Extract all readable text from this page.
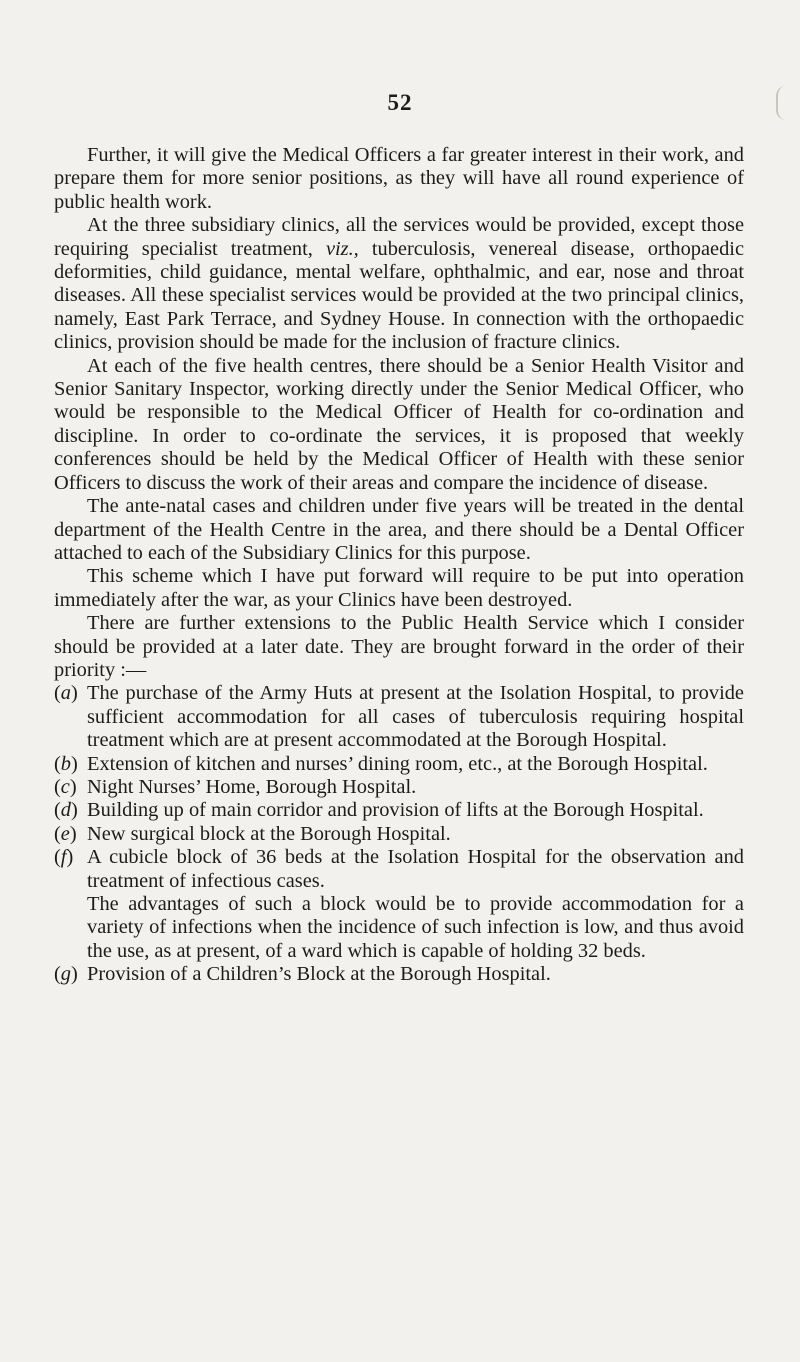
52

Further, it will give the Medical Officers a far greater interest in their work, and prepare them for more senior positions, as they will have all round experience of public health work.

At the three subsidiary clinics, all the services would be provided, except those requiring specialist treatment, viz., tuberculosis, venereal disease, orthopaedic deformities, child guidance, mental welfare, ophthalmic, and ear, nose and throat diseases. All these specialist services would be provided at the two principal clinics, namely, East Park Terrace, and Sydney House. In connection with the orthopaedic clinics, provision should be made for the inclusion of fracture clinics.

At each of the five health centres, there should be a Senior Health Visitor and Senior Sanitary Inspector, working directly under the Senior Medical Officer, who would be responsible to the Medical Officer of Health for co-ordination and discipline. In order to co-ordinate the services, it is proposed that weekly conferences should be held by the Medical Officer of Health with these senior Officers to discuss the work of their areas and compare the incidence of disease.

The ante-natal cases and children under five years will be treated in the dental department of the Health Centre in the area, and there should be a Dental Officer attached to each of the Subsidiary Clinics for this purpose.

This scheme which I have put forward will require to be put into operation immediately after the war, as your Clinics have been destroyed.

There are further extensions to the Public Health Service which I consider should be provided at a later date. They are brought forward in the order of their priority :—

(a) The purchase of the Army Huts at present at the Isolation Hospital, to provide sufficient accommodation for all cases of tuberculosis requiring hospital treatment which are at present accommodated at the Borough Hospital.
(b) Extension of kitchen and nurses’ dining room, etc., at the Borough Hospital.
(c) Night Nurses’ Home, Borough Hospital.
(d) Building up of main corridor and provision of lifts at the Borough Hospital.
(e) New surgical block at the Borough Hospital.
(f) A cubicle block of 36 beds at the Isolation Hospital for the observation and treatment of infectious cases.

The advantages of such a block would be to provide accommodation for a variety of infections when the incidence of such infection is low, and thus avoid the use, as at present, of a ward which is capable of holding 32 beds.

(g) Provision of a Children’s Block at the Borough Hospital.
